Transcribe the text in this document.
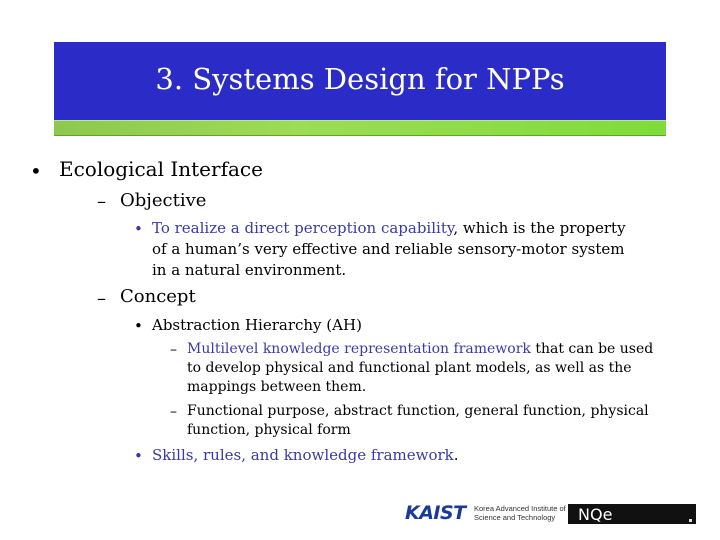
3. Systems Design for NPPs
• Ecological Interface
– Objective
• To realize a direct perception capability, which is the property
of a human’s very effective and reliable sensory-motor system
in a natural environment.
– Concept
• Abstraction Hierarchy (AH)
– Multilevel knowledge representation framework that can be used
to develop physical and functional plant models, as well as the
mappings between them.
– Functional purpose, abstract function, general function, physical
function, physical form
• Skills, rules, and knowledge framework.
KAIST Korea Advanced Institute of
Science and Technology	NQe
